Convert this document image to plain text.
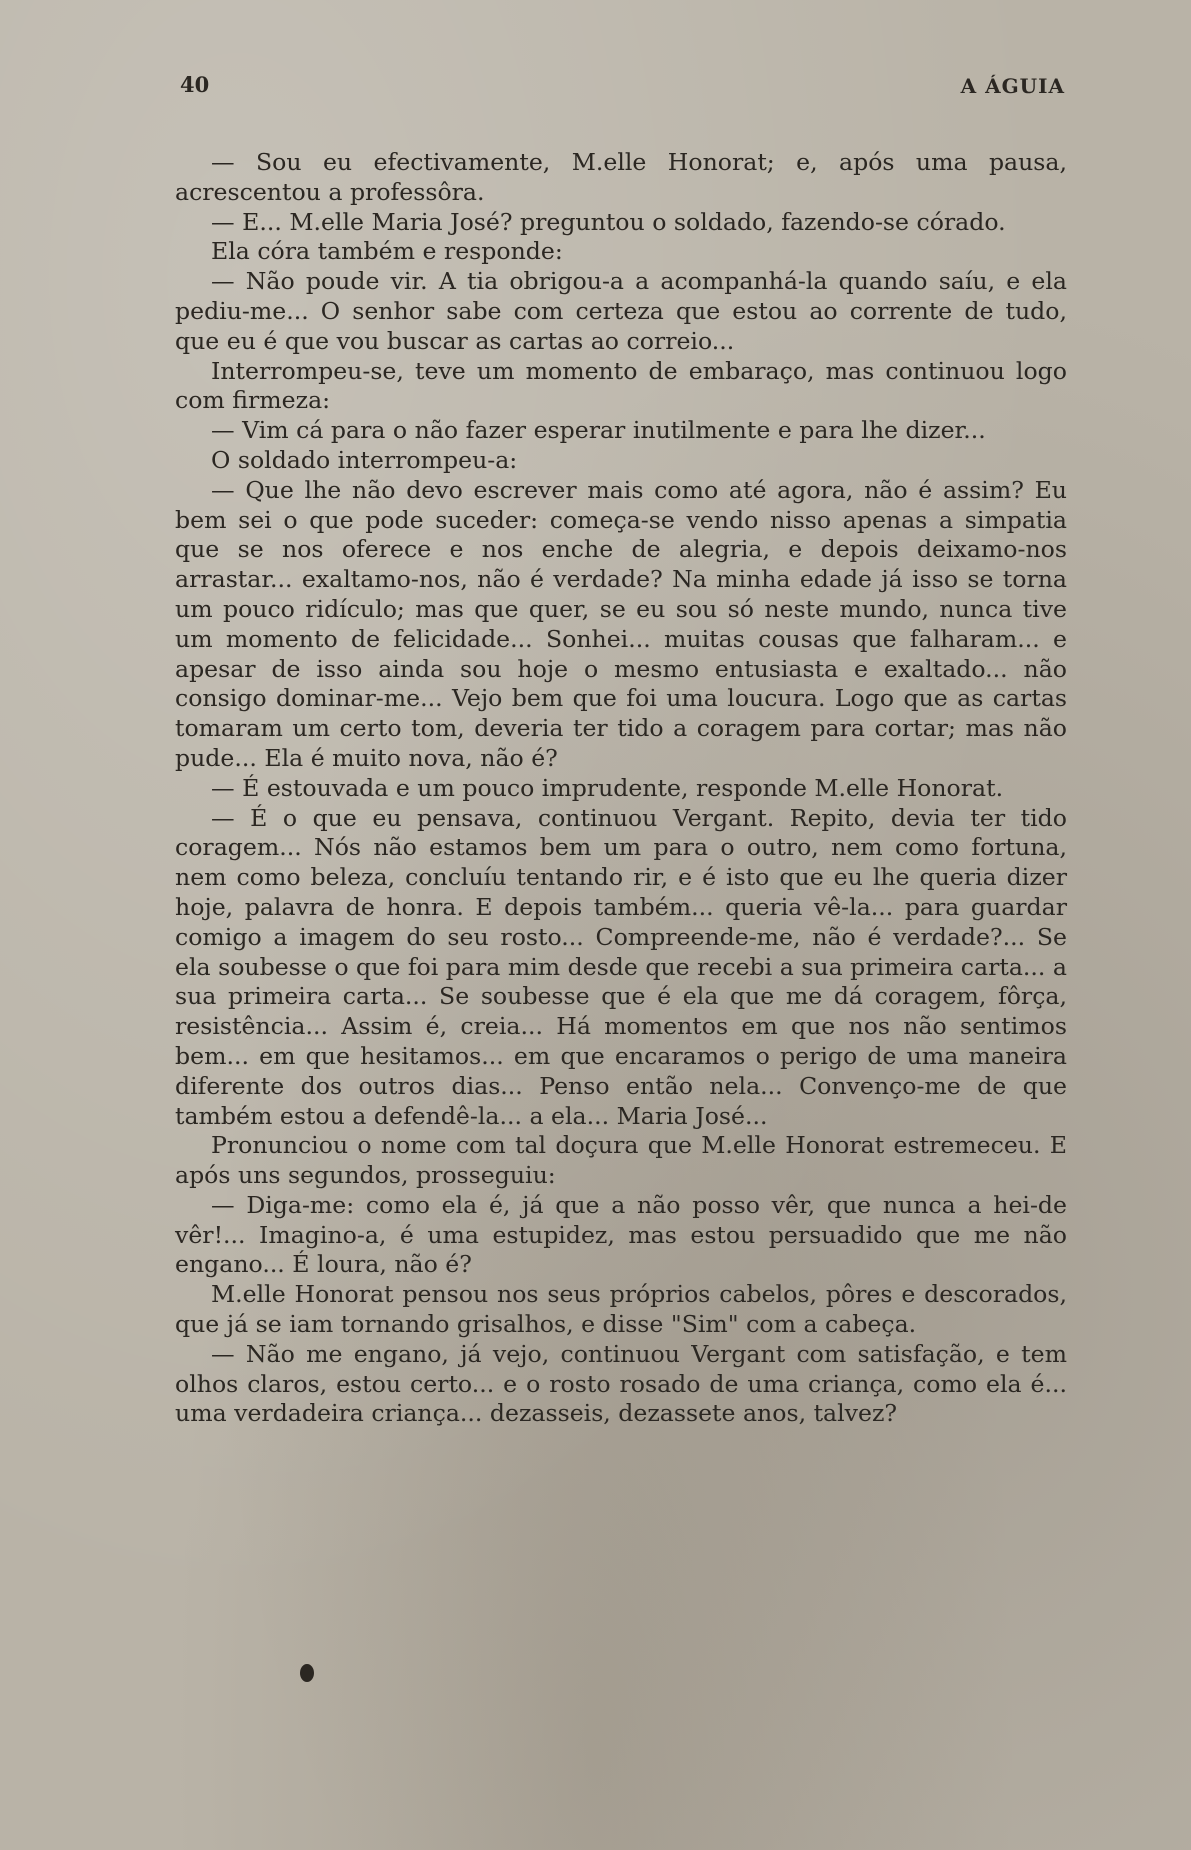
40	A ÁGUIA

— Sou eu efectivamente, M.elle Honorat; e, após uma pausa, acrescentou a professôra.

— E... M.elle Maria José? preguntou o soldado, fazendo-se córado.

Ela córa também e responde:

— Não poude vir. A tia obrigou-a a acompanhá-la quando saíu, e ela pediu-me... O senhor sabe com certeza que estou ao corrente de tudo, que eu é que vou buscar as cartas ao correio...

Interrompeu-se, teve um momento de embaraço, mas continuou logo com firmeza:

— Vim cá para o não fazer esperar inutilmente e para lhe dizer...

O soldado interrompeu-a:

— Que lhe não devo escrever mais como até agora, não é assim? Eu bem sei o que pode suceder: começa-se vendo nisso apenas a simpatia que se nos oferece e nos enche de alegria, e depois deixamo-nos arrastar... exaltamo-nos, não é verdade? Na minha edade já isso se torna um pouco ridículo; mas que quer, se eu sou só neste mundo, nunca tive um momento de felicidade... Sonhei... muitas cousas que falharam... e apesar de isso ainda sou hoje o mesmo entusiasta e exaltado... não consigo dominar-me... Vejo bem que foi uma loucura. Logo que as cartas tomaram um certo tom, deveria ter tido a coragem para cortar; mas não pude... Ela é muito nova, não é?

— É estouvada e um pouco imprudente, responde M.elle Honorat.

— É o que eu pensava, continuou Vergant. Repito, devia ter tido coragem... Nós não estamos bem um para o outro, nem como fortuna, nem como beleza, concluíu tentando rir, e é isto que eu lhe queria dizer hoje, palavra de honra. E depois também... queria vê-la... para guardar comigo a imagem do seu rosto... Compreende-me, não é verdade?... Se ela soubesse o que foi para mim desde que recebi a sua primeira carta... a sua primeira carta... Se soubesse que é ela que me dá coragem, fôrça, resistência... Assim é, creia... Há momentos em que nos não sentimos bem... em que hesitamos... em que encaramos o perigo de uma maneira diferente dos outros dias... Penso então nela... Convenço-me de que também estou a defendê-la... a ela... Maria José...

Pronunciou o nome com tal doçura que M.elle Honorat estremeceu. E após uns segundos, prosseguiu:

— Diga-me: como ela é, já que a não posso vêr, que nunca a hei-de vêr!... Imagino-a, é uma estupidez, mas estou persuadido que me não engano... É loura, não é?

M.elle Honorat pensou nos seus próprios cabelos, pôres e descorados, que já se iam tornando grisalhos, e disse "Sim" com a cabeça.

— Não me engano, já vejo, continuou Vergant com satisfação, e tem olhos claros, estou certo... e o rosto rosado de uma criança, como ela é... uma verdadeira criança... dezasseis, dezassete anos, talvez?
